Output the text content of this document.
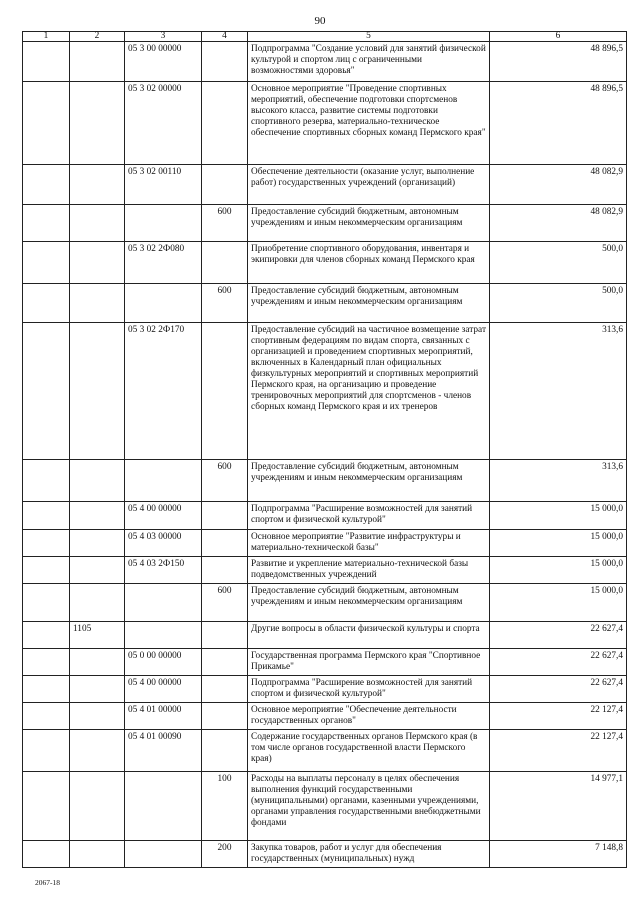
90
1	2	3	4	5	6
		05 3 00 00000		Подпрограмма "Создание условий для занятий физической культурой и спортом лиц с ограниченными возможностями здоровья"	48 896,5
		05 3 02 00000		Основное мероприятие "Проведение спортивных мероприятий, обеспечение подготовки спортсменов высокого класса, развитие системы подготовки спортивного резерва, материально-техническое обеспечение спортивных сборных команд Пермского края"	48 896,5
		05 3 02 00110		Обеспечение деятельности (оказание услуг, выполнение работ) государственных учреждений (организаций)	48 082,9
			600	Предоставление субсидий бюджетным, автономным учреждениям и иным некоммерческим организациям	48 082,9
		05 3 02 2Ф080		Приобретение спортивного оборудования, инвентаря и экипировки для членов сборных команд Пермского края	500,0
			600	Предоставление субсидий бюджетным, автономным учреждениям и иным некоммерческим организациям	500,0
		05 3 02 2Ф170		Предоставление субсидий на частичное возмещение затрат спортивным федерациям по видам спорта, связанных с организацией и проведением спортивных мероприятий, включенных в Календарный план официальных физкультурных мероприятий и спортивных мероприятий Пермского края, на организацию и проведение тренировочных мероприятий для спортсменов - членов сборных команд Пермского края и их тренеров	313,6
			600	Предоставление субсидий бюджетным, автономным учреждениям и иным некоммерческим организациям	313,6
		05 4 00 00000		Подпрограмма "Расширение возможностей для занятий спортом и физической культурой"	15 000,0
		05 4 03 00000		Основное мероприятие "Развитие инфраструктуры и материально-технической базы"	15 000,0
		05 4 03 2Ф150		Развитие и укрепление материально-технической базы подведомственных учреждений	15 000,0
			600	Предоставление субсидий бюджетным, автономным учреждениям и иным некоммерческим организациям	15 000,0
	1105			Другие вопросы в области физической культуры и спорта	22 627,4
		05 0 00 00000		Государственная программа Пермского края "Спортивное Прикамье"	22 627,4
		05 4 00 00000		Подпрограмма "Расширение возможностей для занятий спортом и физической культурой"	22 627,4
		05 4 01 00000		Основное мероприятие "Обеспечение деятельности государственных органов"	22 127,4
		05 4 01 00090		Содержание государственных органов Пермского края (в том числе органов государственной власти Пермского края)	22 127,4
			100	Расходы на выплаты персоналу в целях обеспечения выполнения функций государственными (муниципальными) органами, казенными учреждениями, органами управления государственными внебюджетными фондами	14 977,1
			200	Закупка товаров, работ и услуг для обеспечения государственных (муниципальных) нужд	7 148,8
2067-18
